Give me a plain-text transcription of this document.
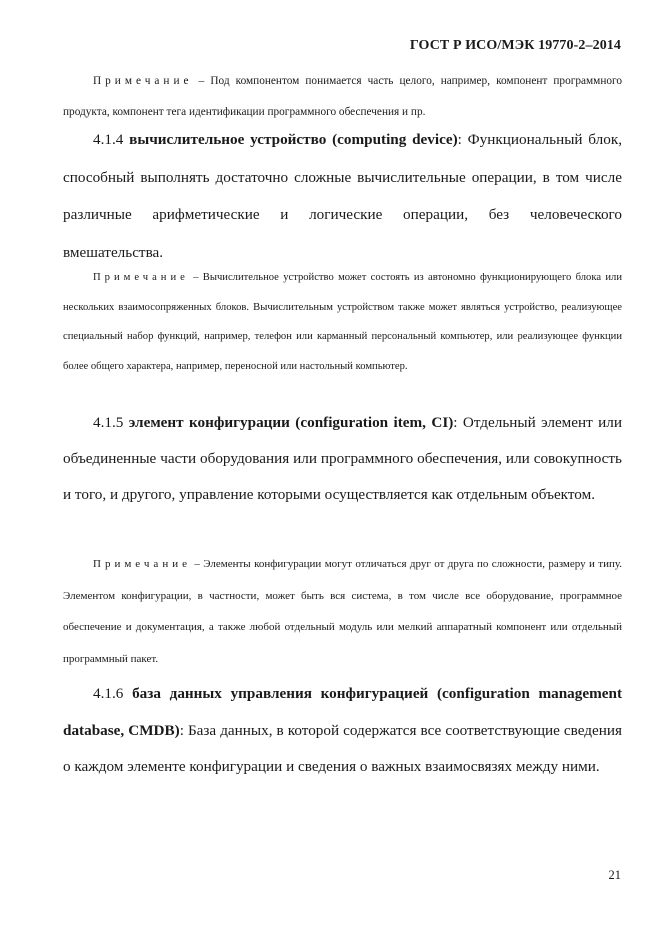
ГОСТ Р ИСО/МЭК 19770-2–2014

Примечание – Под компонентом понимается часть целого, например, компонент программного продукта, компонент тега идентификации программного обеспечения и пр.

4.1.4 вычислительное устройство (computing device): Функциональный блок, способный выполнять достаточно сложные вычислительные операции, в том числе различные арифметические и логические операции, без человеческого вмешательства.

Примечание – Вычислительное устройство может состоять из автономно функционирующего блока или нескольких взаимосопряженных блоков. Вычислительным устройством также может являться устройство, реализующее специальный набор функций, например, телефон или карманный персональный компьютер, или реализующее функции более общего характера, например, переносной или настольный компьютер.

4.1.5 элемент конфигурации (configuration item, CI): Отдельный элемент или объединенные части оборудования или программного обеспечения, или совокупность и того, и другого, управление которыми осуществляется как отдельным объектом.

Примечание – Элементы конфигурации могут отличаться друг от друга по сложности, размеру и типу. Элементом конфигурации, в частности, может быть вся система, в том числе все оборудование, программное обеспечение и документация, а также любой отдельный модуль или мелкий аппаратный компонент или отдельный программный пакет.

4.1.6 база данных управления конфигурацией (configuration management database, CMDB): База данных, в которой содержатся все соответствующие сведения о каждом элементе конфигурации и сведения о важных взаимосвязях между ними.

21
